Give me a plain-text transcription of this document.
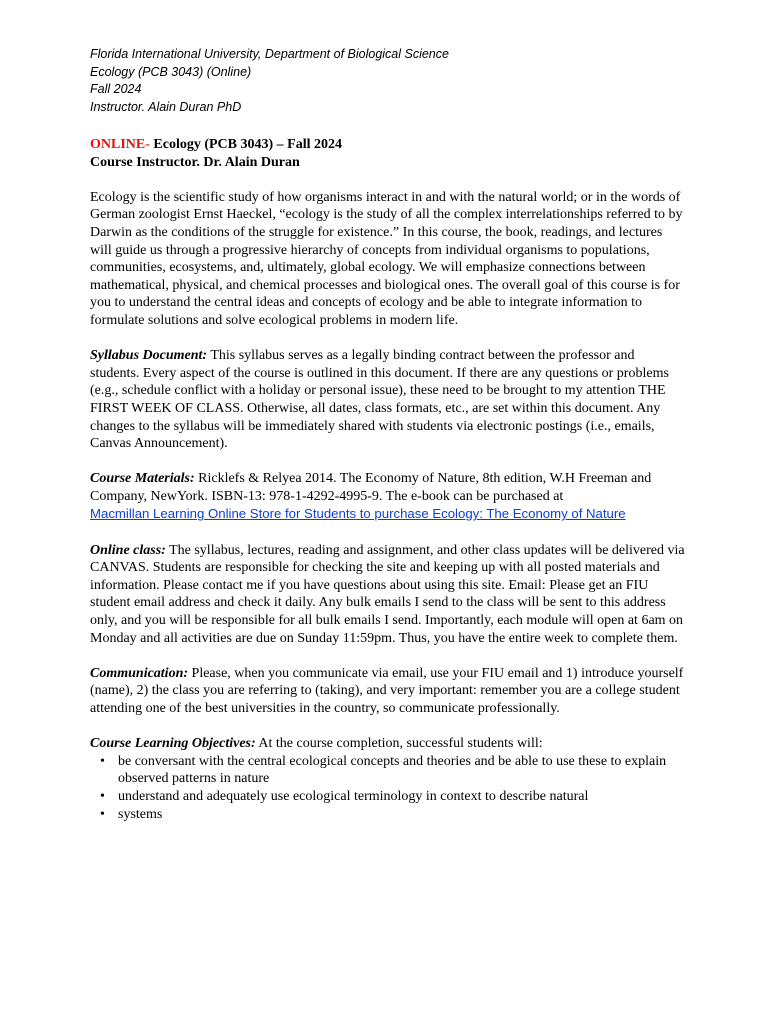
Florida International University, Department of Biological Science
Ecology (PCB 3043) (Online)
Fall 2024
Instructor. Alain Duran PhD
ONLINE- Ecology (PCB 3043) – Fall 2024
Course Instructor. Dr. Alain Duran

Ecology is the scientific study of how organisms interact in and with the natural world; or in the words of German zoologist Ernst Haeckel, “ecology is the study of all the complex interrelationships referred to by Darwin as the conditions of the struggle for existence.” In this course, the book, readings, and lectures will guide us through a progressive hierarchy of concepts from individual organisms to populations, communities, ecosystems, and, ultimately, global ecology. We will emphasize connections between mathematical, physical, and chemical processes and biological ones. The overall goal of this course is for you to understand the central ideas and concepts of ecology and be able to integrate information to formulate solutions and solve ecological problems in modern life.

Syllabus Document: This syllabus serves as a legally binding contract between the professor and students. Every aspect of the course is outlined in this document. If there are any questions or problems (e.g., schedule conflict with a holiday or personal issue), these need to be brought to my attention THE FIRST WEEK OF CLASS. Otherwise, all dates, class formats, etc., are set within this document. Any changes to the syllabus will be immediately shared with students via electronic postings (i.e., emails, Canvas Announcement).

Course Materials: Ricklefs & Relyea 2014. The Economy of Nature, 8th edition, W.H Freeman and Company, NewYork. ISBN-13: 978-1-4292-4995-9. The e-book can be purchased at
Macmillan Learning Online Store for Students to purchase Ecology: The Economy of Nature

Online class: The syllabus, lectures, reading and assignment, and other class updates will be delivered via CANVAS. Students are responsible for checking the site and keeping up with all posted materials and information. Please contact me if you have questions about using this site. Email: Please get an FIU student email address and check it daily. Any bulk emails I send to the class will be sent to this address only, and you will be responsible for all bulk emails I send. Importantly, each module will open at 6am on Monday and all activities are due on Sunday 11:59pm. Thus, you have the entire week to complete them.

Communication: Please, when you communicate via email, use your FIU email and 1) introduce yourself (name), 2) the class you are referring to (taking), and very important: remember you are a college student attending one of the best universities in the country, so communicate professionally.

Course Learning Objectives: At the course completion, successful students will:
• be conversant with the central ecological concepts and theories and be able to use these to explain observed patterns in nature
• understand and adequately use ecological terminology in context to describe natural
• systems
